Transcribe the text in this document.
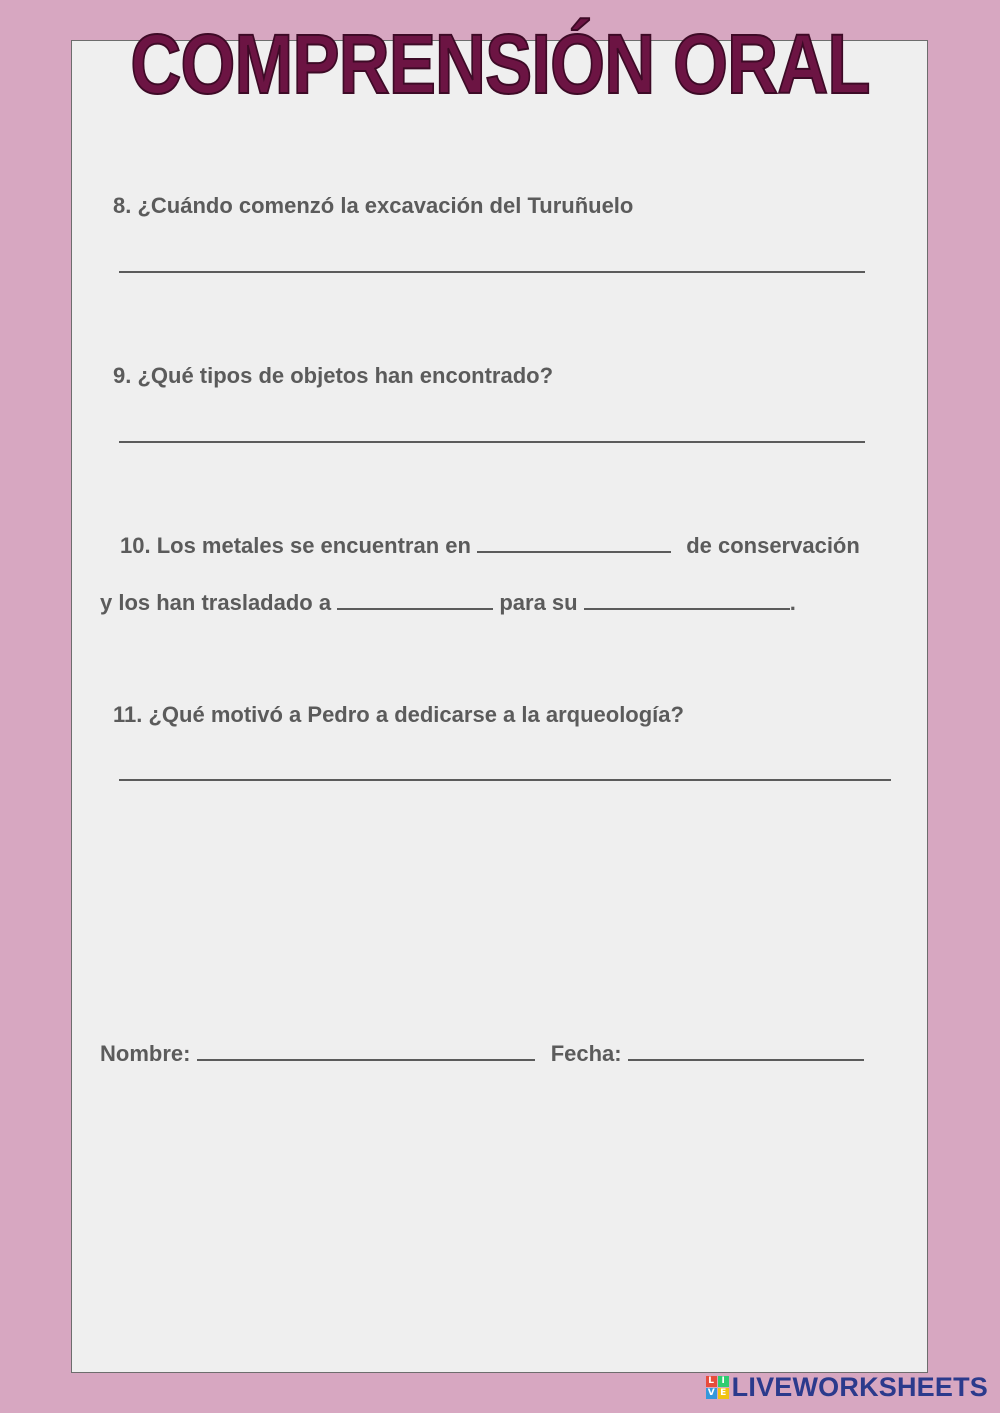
COMPRENSIÓN ORAL
8. ¿Cuándo comenzó la excavación del Turuñuelo
9. ¿Qué tipos de objetos han encontrado?
10. Los metales se encuentran en	de conservación
y los han trasladado a	para su	.
11. ¿Qué motivó a Pedro a dedicarse a la arqueología?
Nombre:	Fecha:
L I
V E LIVEWORKSHEETS
